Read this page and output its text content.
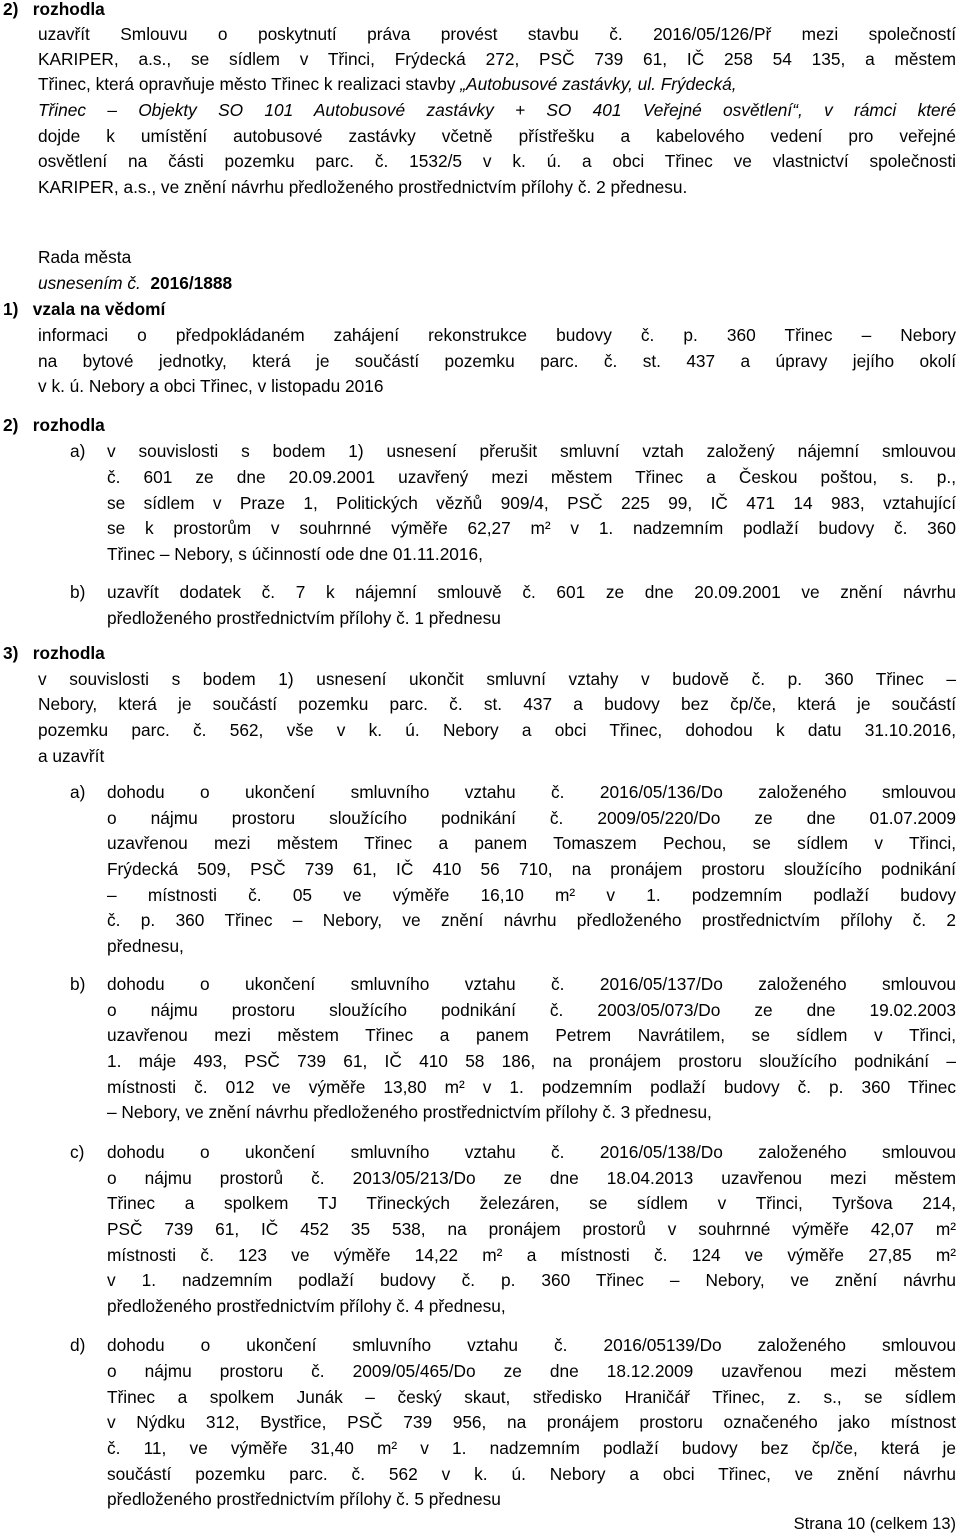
2) rozhodla
uzavřít Smlouvu o poskytnutí práva provést stavbu č. 2016/05/126/Př mezi společností
KARIPER, a.s., se sídlem v Třinci, Frýdecká 272, PSČ 739 61, IČ 258 54 135, a městem
Třinec, která opravňuje město Třinec k realizaci stavby „Autobusové zastávky, ul. Frýdecká,
Třinec – Objekty SO 101 Autobusové zastávky + SO 401 Veřejné osvětlení“, v rámci které
dojde k umístění autobusové zastávky včetně přístřešku a kabelového vedení pro veřejné
osvětlení na části pozemku parc. č. 1532/5 v k. ú. a obci Třinec ve vlastnictví společnosti
KARIPER, a.s., ve znění návrhu předloženého prostřednictvím přílohy č. 2 přednesu.
Rada města
usnesením č. 2016/1888
1) vzala na vědomí
informaci o předpokládaném zahájení rekonstrukce budovy č. p. 360 Třinec – Nebory
na bytové jednotky, která je součástí pozemku parc. č. st. 437 a úpravy jejího okolí
v k. ú. Nebory a obci Třinec, v listopadu 2016
2) rozhodla
a) v souvislosti s bodem 1) usnesení přerušit smluvní vztah založený nájemní smlouvou
č. 601 ze dne 20.09.2001 uzavřený mezi městem Třinec a Českou poštou, s. p.,
se sídlem v Praze 1, Politických vězňů 909/4, PSČ 225 99, IČ 471 14 983, vztahující
se k prostorům v souhrnné výměře 62,27 m² v 1. nadzemním podlaží budovy č. 360
Třinec – Nebory, s účinností ode dne 01.11.2016,
b) uzavřít dodatek č. 7 k nájemní smlouvě č. 601 ze dne 20.09.2001 ve znění návrhu
předloženého prostřednictvím přílohy č. 1 přednesu
3) rozhodla
v souvislosti s bodem 1) usnesení ukončit smluvní vztahy v budově č. p. 360 Třinec –
Nebory, která je součástí pozemku parc. č. st. 437 a budovy bez čp/če, která je součástí
pozemku parc. č. 562, vše v k. ú. Nebory a obci Třinec, dohodou k datu 31.10.2016,
a uzavřít
a) dohodu o ukončení smluvního vztahu č. 2016/05/136/Do založeného smlouvou
o nájmu prostoru sloužícího podnikání č. 2009/05/220/Do ze dne 01.07.2009
uzavřenou mezi městem Třinec a panem Tomaszem Pechou, se sídlem v Třinci,
Frýdecká 509, PSČ 739 61, IČ 410 56 710, na pronájem prostoru sloužícího podnikání
– místnosti č. 05 ve výměře 16,10 m² v 1. podzemním podlaží budovy
č. p. 360 Třinec – Nebory, ve znění návrhu předloženého prostřednictvím přílohy č. 2
přednesu,
b) dohodu o ukončení smluvního vztahu č. 2016/05/137/Do založeného smlouvou
o nájmu prostoru sloužícího podnikání č. 2003/05/073/Do ze dne 19.02.2003
uzavřenou mezi městem Třinec a panem Petrem Navrátilem, se sídlem v Třinci,
1. máje 493, PSČ 739 61, IČ 410 58 186, na pronájem prostoru sloužícího podnikání –
místnosti č. 012 ve výměře 13,80 m² v 1. podzemním podlaží budovy č. p. 360 Třinec
– Nebory, ve znění návrhu předloženého prostřednictvím přílohy č. 3 přednesu,
c) dohodu o ukončení smluvního vztahu č. 2016/05/138/Do založeného smlouvou
o nájmu prostorů č. 2013/05/213/Do ze dne 18.04.2013 uzavřenou mezi městem
Třinec a spolkem TJ Třineckých železáren, se sídlem v Třinci, Tyršova 214,
PSČ 739 61, IČ 452 35 538, na pronájem prostorů v souhrnné výměře 42,07 m²
místnosti č. 123 ve výměře 14,22 m² a místnosti č. 124 ve výměře 27,85 m²
v 1. nadzemním podlaží budovy č. p. 360 Třinec – Nebory, ve znění návrhu
předloženého prostřednictvím přílohy č. 4 přednesu,
d) dohodu o ukončení smluvního vztahu č. 2016/05139/Do založeného smlouvou
o nájmu prostoru č. 2009/05/465/Do ze dne 18.12.2009 uzavřenou mezi městem
Třinec a spolkem Junák – český skaut, středisko Hraničář Třinec, z. s., se sídlem
v Nýdku 312, Bystřice, PSČ 739 956, na pronájem prostoru označeného jako místnost
č. 11, ve výměře 31,40 m² v 1. nadzemním podlaží budovy bez čp/če, která je
součástí pozemku parc. č. 562 v k. ú. Nebory a obci Třinec, ve znění návrhu
předloženého prostřednictvím přílohy č. 5 přednesu
Strana 10 (celkem 13)
